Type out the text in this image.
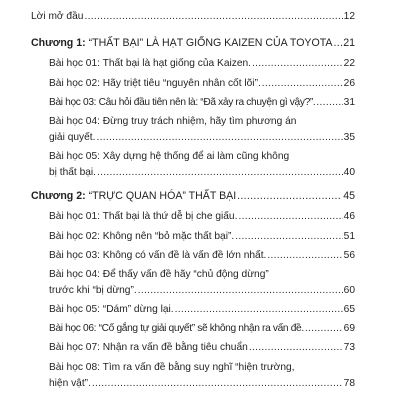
Lời mở đầu .....	12
Chương 1: “THẤT BẠI” LÀ HẠT GIỐNG KAIZEN CỦA TOYOTA ..... 21
Bài học 01: Thất bại là hạt giống của Kaizen. .....	22
Bài học 02: Hãy triệt tiêu “nguyên nhân cốt lõi”. .....	26
Bài học 03: Câu hỏi đầu tiên nên là: “Đã xảy ra chuyện gì vậy?”. .....	31
Bài học 04: Đừng truy trách nhiệm, hãy tìm phương án
giải quyết. .....	35
Bài học 05: Xây dựng hệ thống để ai làm cũng không
bị thất bại. .....	40
Chương 2: “TRỰC QUAN HÓA” THẤT BẠI .....	45
Bài học 01: Thất bại là thứ dễ bị che giấu. .....	46
Bài học 02: Không nên “bỏ mặc thất bại”. .....	51
Bài học 03: Không có vấn đề là vấn đề lớn nhất. .....	56
Bài học 04: Để thấy vấn đề hãy “chủ động dừng”
trước khi “bị dừng”. .....	60
Bài học 05: “Dám” dừng lại. .....	65
Bài học 06: “Cố gắng tự giải quyết” sẽ không nhận ra vấn đề. .....	69
Bài học 07: Nhận ra vấn đề bằng tiêu chuẩn .....	73
Bài học 08: Tìm ra vấn đề bằng suy nghĩ “hiện trường,
hiện vật”. .....	78
